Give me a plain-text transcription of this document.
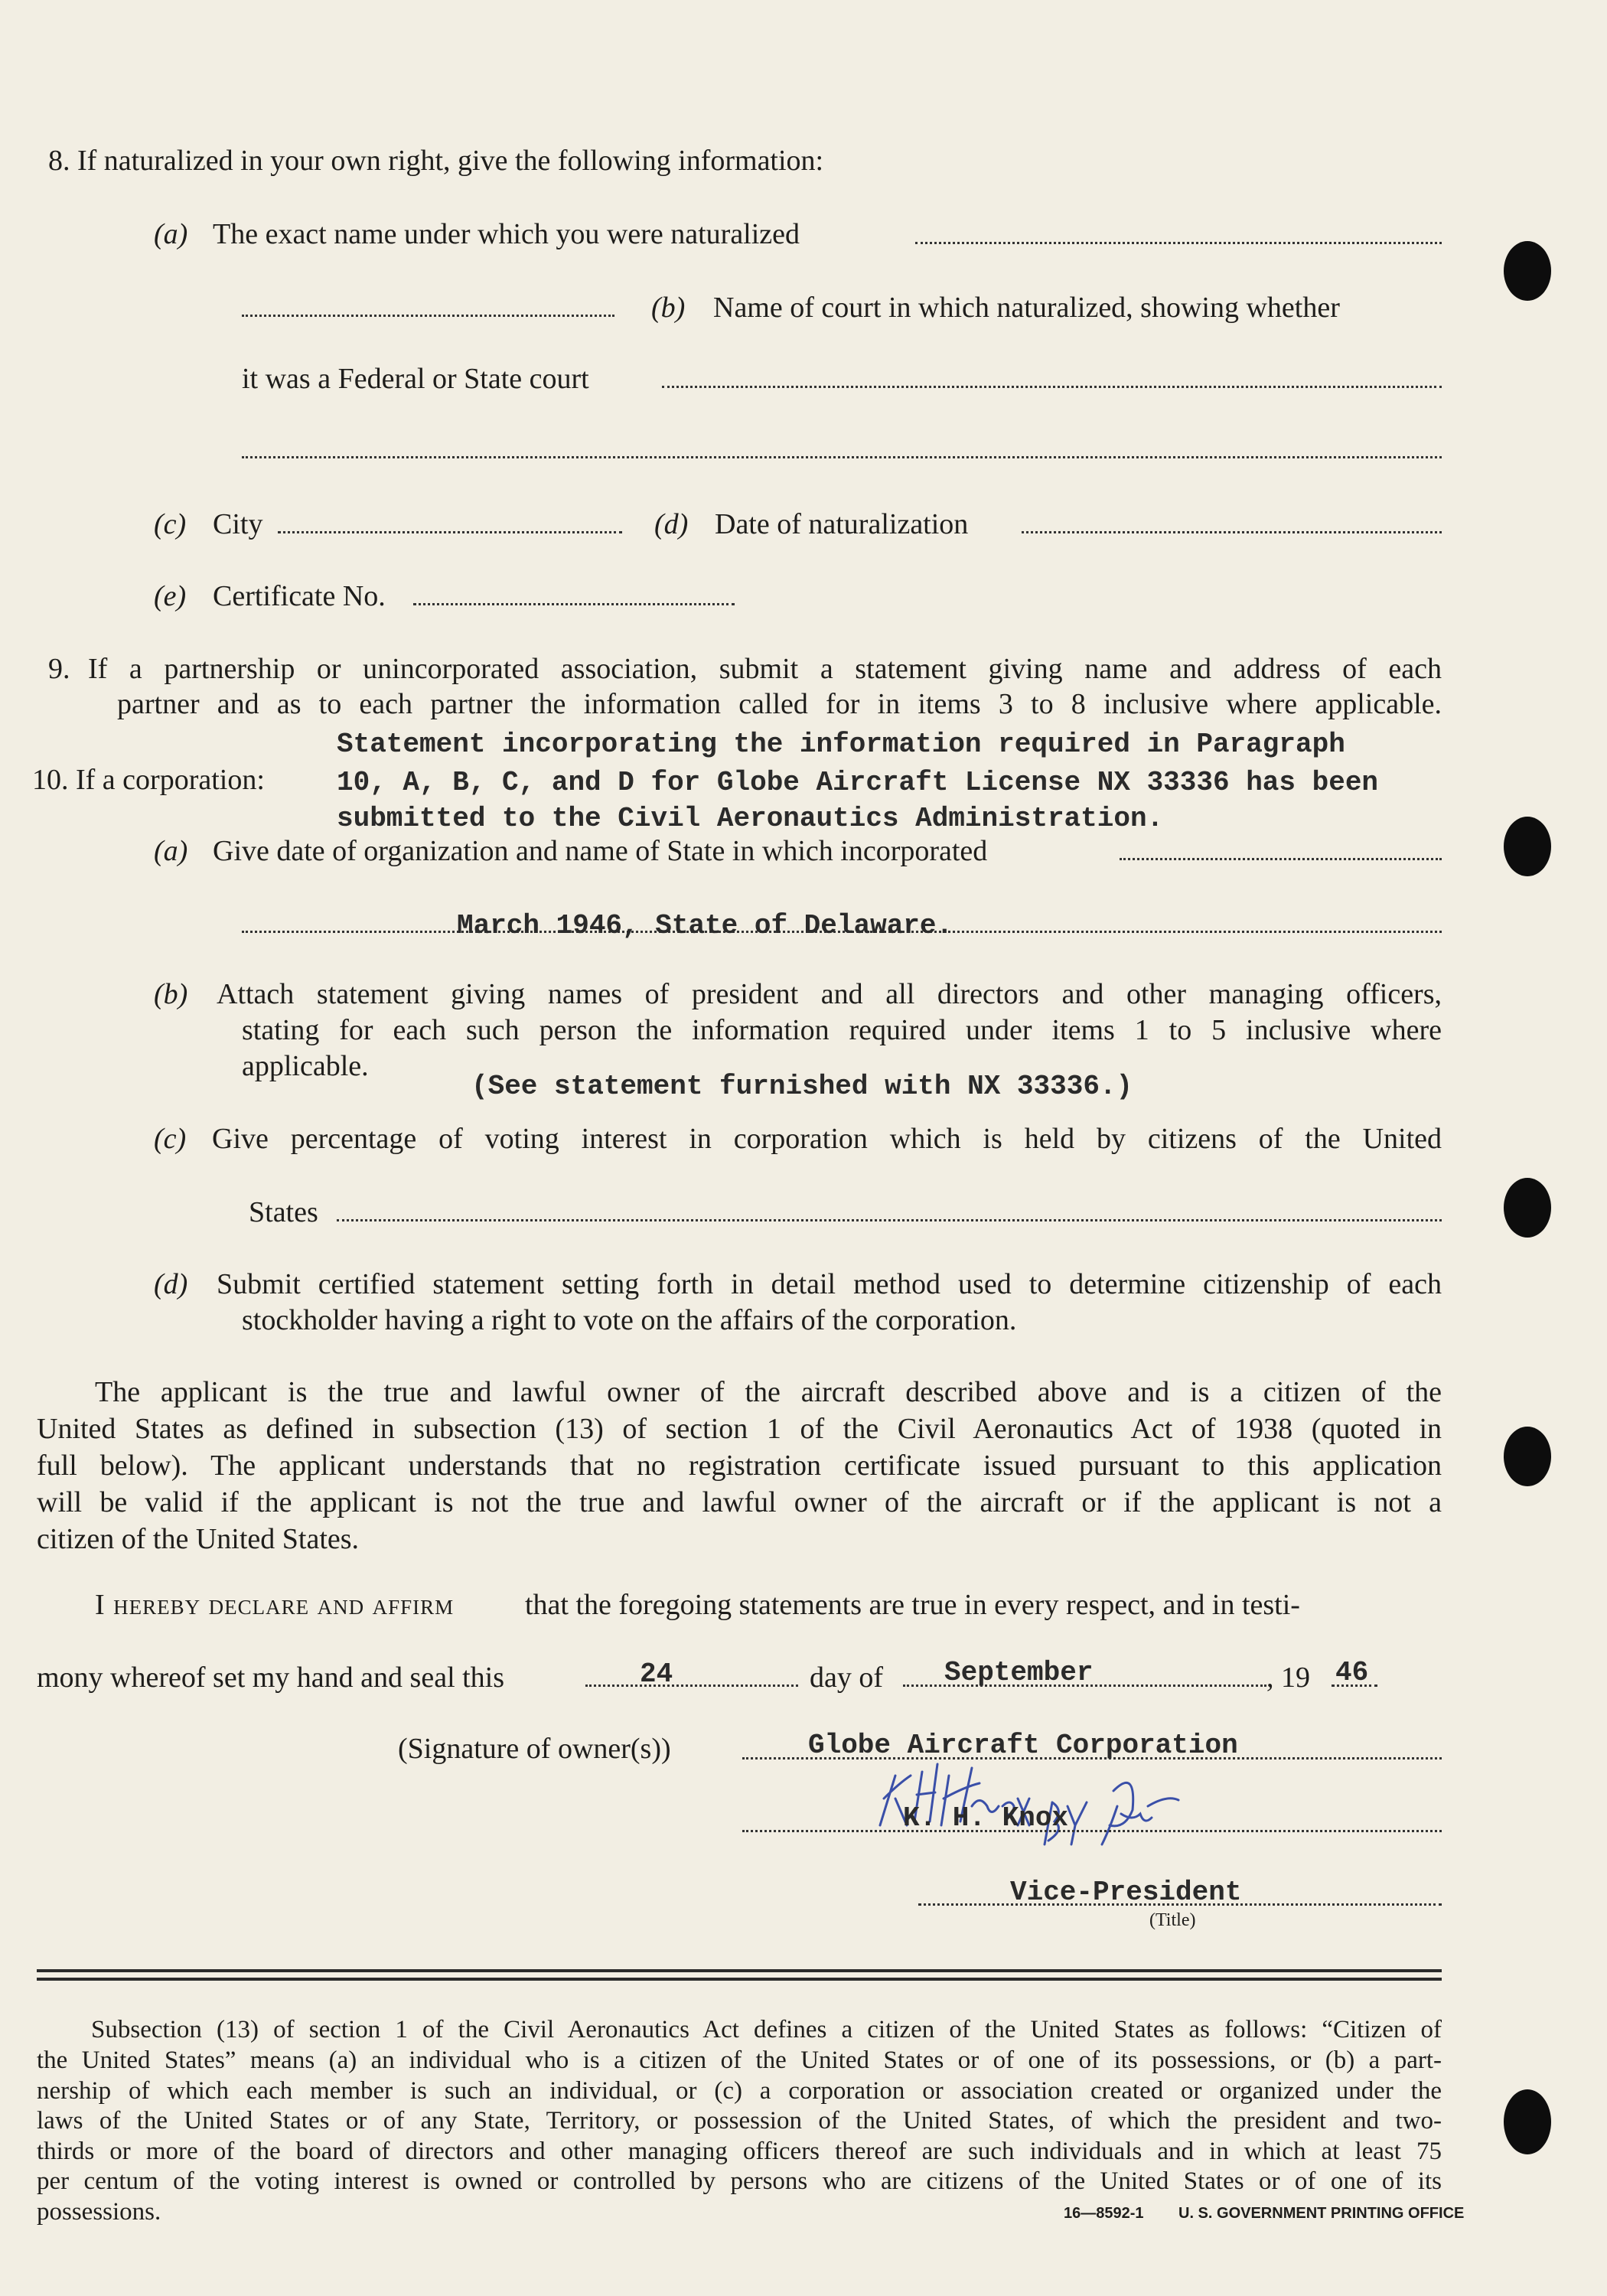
8. If naturalized in your own right, give the following information:
(a) The exact name under which you were naturalized
(b) Name of court in which naturalized, showing whether
it was a Federal or State court
(c) City	(d) Date of naturalization
(e) Certificate No.
9. If a partnership or unincorporated association, submit a statement giving name and address of each
partner and as to each partner the information called for in items 3 to 8 inclusive where applicable.
10. If a corporation:
Statement incorporating the information required in Paragraph
10, A, B, C, and D for Globe Aircraft License NX 33336 has been
submitted to the Civil Aeronautics Administration.
(a) Give date of organization and name of State in which incorporated
March 1946, State of Delaware.
(b) Attach statement giving names of president and all directors and other managing officers,
stating for each such person the information required under items 1 to 5 inclusive where
applicable.
(See statement furnished with NX 33336.)
(c) Give percentage of voting interest in corporation which is held by citizens of the United
States
(d) Submit certified statement setting forth in detail method used to determine citizenship of each
stockholder having a right to vote on the affairs of the corporation.
The applicant is the true and lawful owner of the aircraft described above and is a citizen of the
United States as defined in subsection (13) of section 1 of the Civil Aeronautics Act of 1938 (quoted in
full below). The applicant understands that no registration certificate issued pursuant to this application
will be valid if the applicant is not the true and lawful owner of the aircraft or if the applicant is not a
citizen of the United States.
I hereby declare and affirm that the foregoing statements are true in every respect, and in testi-
mony whereof set my hand and seal this	24	day of September	, 19 46
(Signature of owner(s))	Globe Aircraft Corporation
K. H. Knox
Vice-President
(Title)
Subsection (13) of section 1 of the Civil Aeronautics Act defines a citizen of the United States as follows: “Citizen of
the United States” means (a) an individual who is a citizen of the United States or of one of its possessions, or (b) a part-
nership of which each member is such an individual, or (c) a corporation or association created or organized under the
laws of the United States or of any State, Territory, or possession of the United States, of which the president and two-
thirds or more of the board of directors and other managing officers thereof are such individuals and in which at least 75
per centum of the voting interest is owned or controlled by persons who are citizens of the United States or of one of its
possessions.	16—8592-1 U. S. GOVERNMENT PRINTING OFFICE
